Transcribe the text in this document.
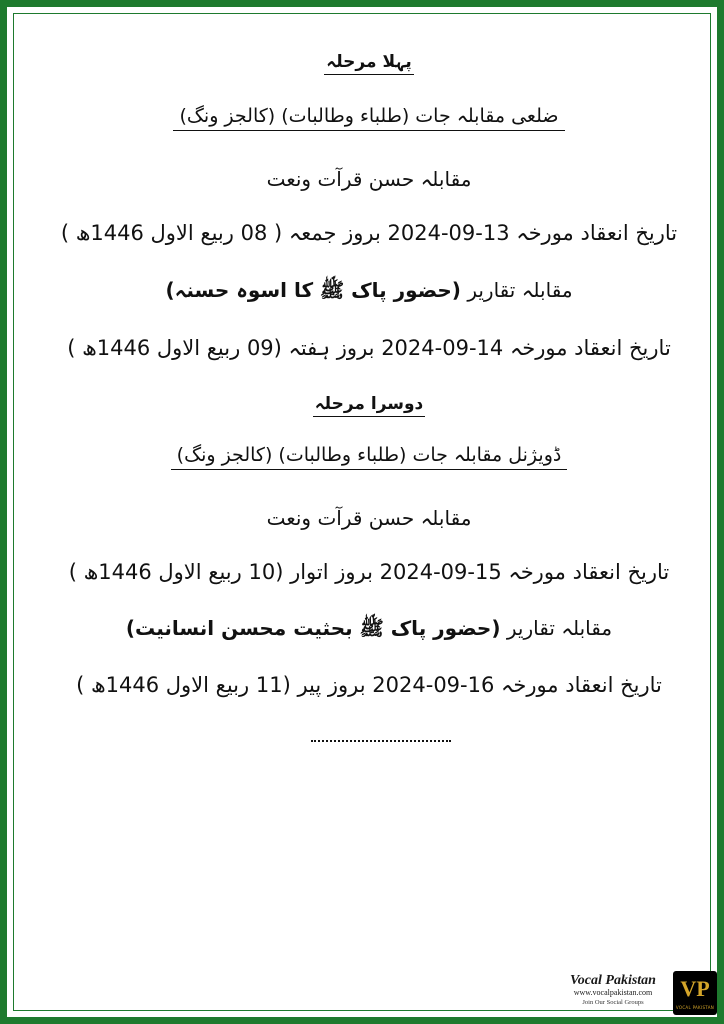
پہلا مرحلہ
ضلعی مقابلہ جات (طلباء وطالبات) (کالجز ونگ)
مقابلہ حسن قرآت ونعت
تاریخ انعقاد مورخہ 13-09-2024 بروز جمعہ ( 08 ربیع الاول 1446ھ )
مقابلہ تقاریر (حضور پاک ﷺ کا اسوہ حسنہ)
تاریخ انعقاد مورخہ 14-09-2024 بروز ہفتہ (09 ربیع الاول 1446ھ )
دوسرا مرحلہ
ڈویژنل مقابلہ جات (طلباء وطالبات) (کالجز ونگ)
مقابلہ حسن قرآت ونعت
تاریخ انعقاد مورخہ 15-09-2024 بروز اتوار (10 ربیع الاول 1446ھ )
مقابلہ تقاریر (حضور پاک ﷺ بحثیت محسن انسانیت)
تاریخ انعقاد مورخہ 16-09-2024 بروز پیر (11 ربیع الاول 1446ھ )
Vocal Pakistan
www.vocalpakistan.com
Join Our Social Groups
VP
VOCAL PAKISTAN
